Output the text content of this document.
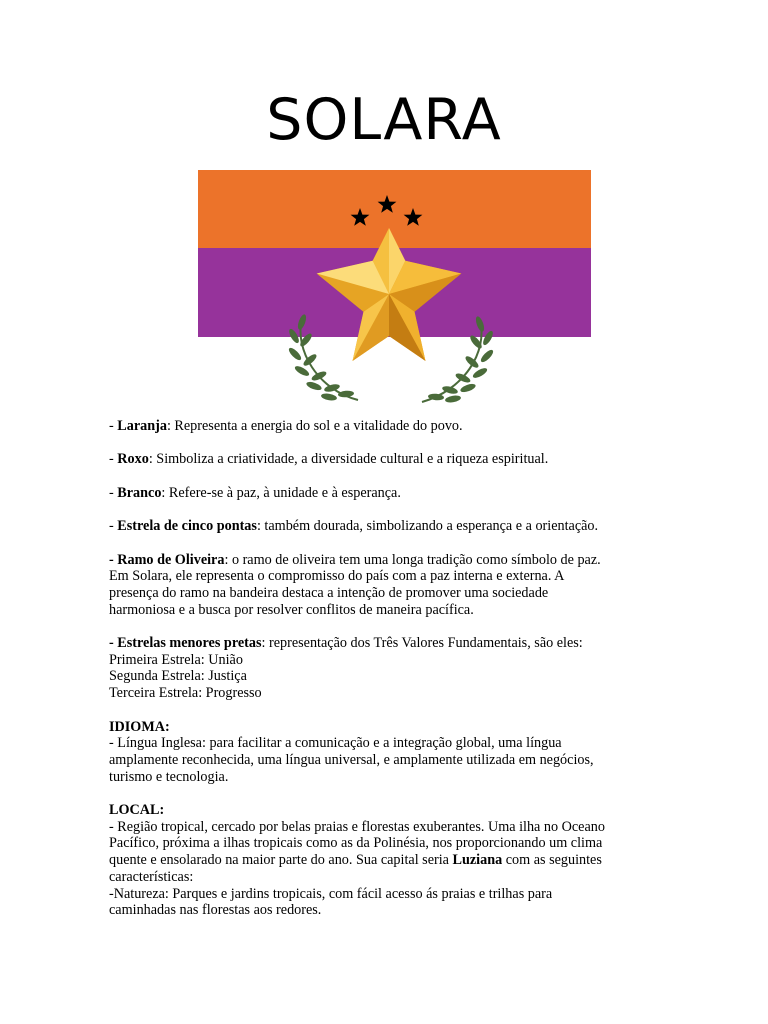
SOLARA
- Laranja: Representa a energia do sol e a vitalidade do povo.
- Roxo: Simboliza a criatividade, a diversidade cultural e a riqueza espiritual.
- Branco: Refere-se à paz, à unidade e à esperança.
- Estrela de cinco pontas: também dourada, simbolizando a esperança e a orientação.
- Ramo de Oliveira: o ramo de oliveira tem uma longa tradição como símbolo de paz.
Em Solara, ele representa o compromisso do país com a paz interna e externa. A
presença do ramo na bandeira destaca a intenção de promover uma sociedade
harmoniosa e a busca por resolver conflitos de maneira pacífica.
- Estrelas menores pretas: representação dos Três Valores Fundamentais, são eles:
Primeira Estrela: União
Segunda Estrela: Justiça
Terceira Estrela: Progresso
IDIOMA:
- Língua Inglesa: para facilitar a comunicação e a integração global, uma língua
amplamente reconhecida, uma língua universal, e amplamente utilizada em negócios,
turismo e tecnologia.
LOCAL:
- Região tropical, cercado por belas praias e florestas exuberantes. Uma ilha no Oceano
Pacífico, próxima a ilhas tropicais como as da Polinésia, nos proporcionando um clima
quente e ensolarado na maior parte do ano. Sua capital seria Luziana com as seguintes
características:
-Natureza: Parques e jardins tropicais, com fácil acesso ás praias e trilhas para
caminhadas nas florestas aos redores.
